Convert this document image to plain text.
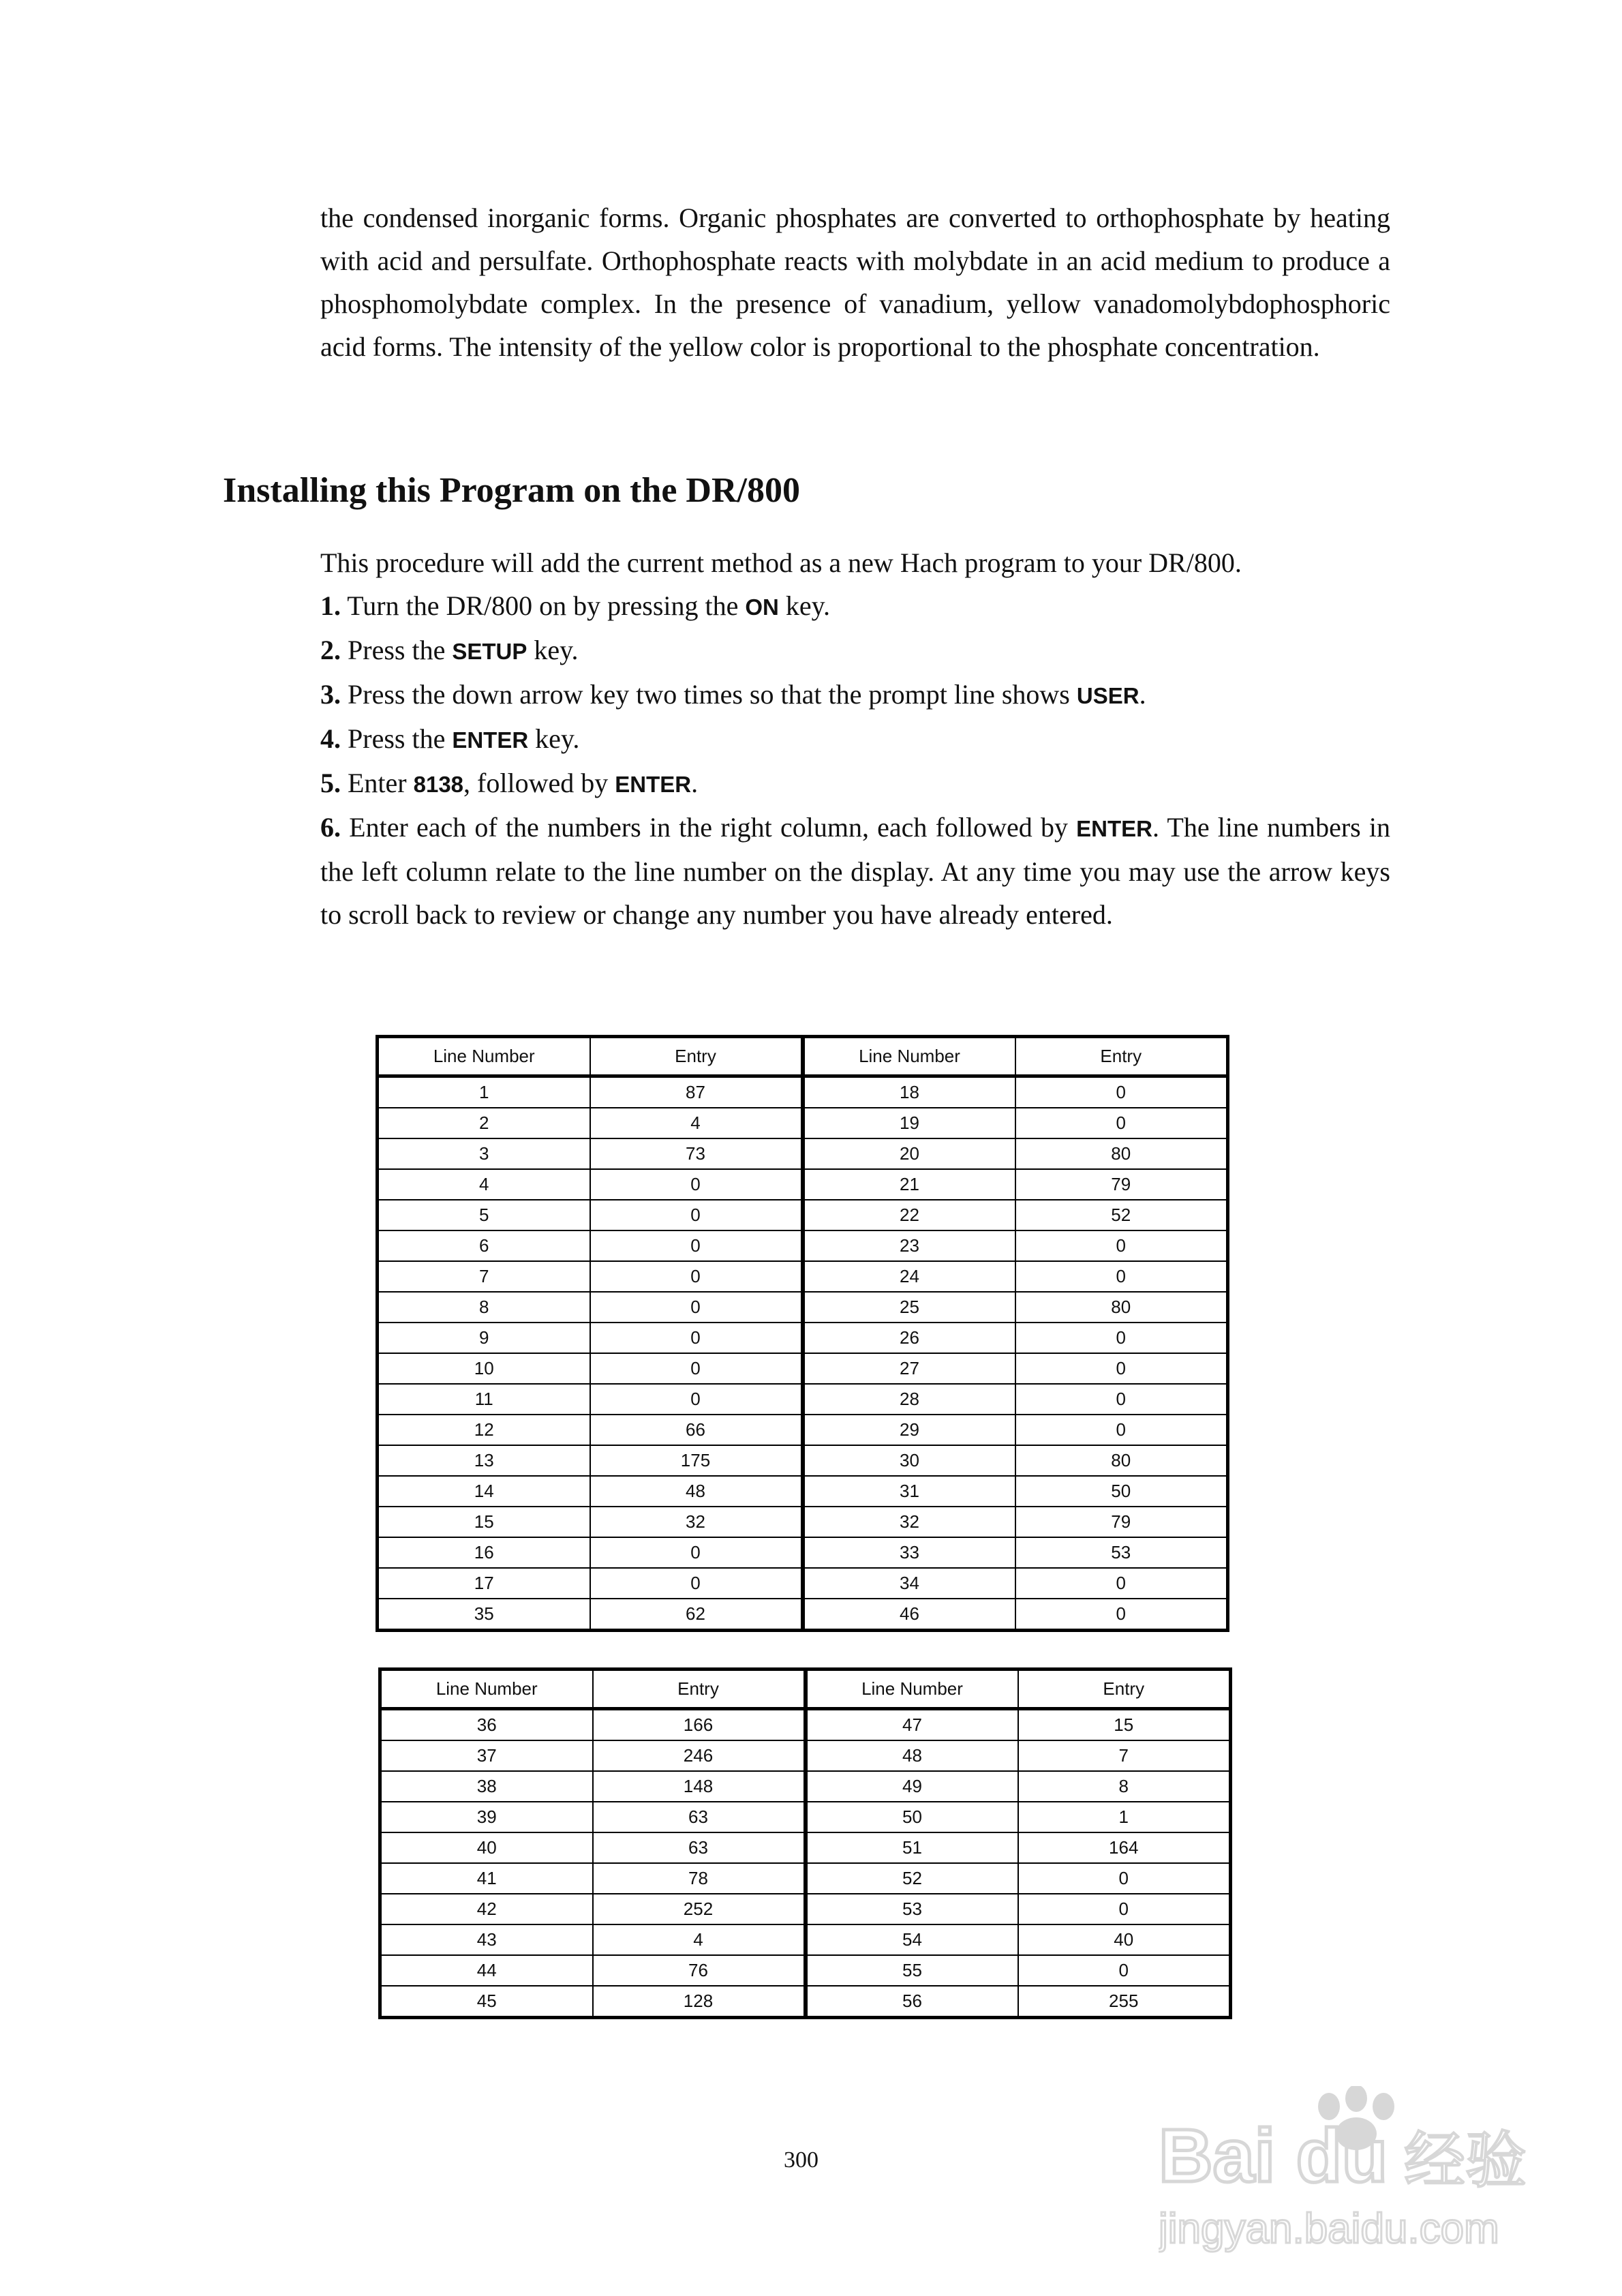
the condensed inorganic forms. Organic phosphates are converted to orthophosphate by heating with acid and persulfate. Orthophosphate reacts with molybdate in an acid medium to produce a phosphomolybdate complex. In the presence of vanadium, yellow vanadomolybdophosphoric acid forms. The intensity of the yellow color is proportional to the phosphate concentration.

Installing this Program on the DR/800

This procedure will add the current method as a new Hach program to your DR/800.

1. Turn the DR/800 on by pressing the ON key.

2. Press the SETUP key.

3. Press the down arrow key two times so that the prompt line shows USER.

4. Press the ENTER key.

5. Enter 8138, followed by ENTER.

6. Enter each of the numbers in the right column, each followed by ENTER. The line numbers in the left column relate to the line number on the display. At any time you may use the arrow keys to scroll back to review or change any number you have already entered.

Line Number	Entry	Line Number	Entry
1	87	18	0
2	4	19	0
3	73	20	80
4	0	21	79
5	0	22	52
6	0	23	0
7	0	24	0
8	0	25	80
9	0	26	0
10	0	27	0
11	0	28	0
12	66	29	0
13	175	30	80
14	48	31	50
15	32	32	79
16	0	33	53
17	0	34	0
35	62	46	0
Line Number	Entry	Line Number	Entry
36	166	47	15
37	246	48	7
38	148	49	8
39	63	50	1
40	63	51	164
41	78	52	0
42	252	53	0
43	4	54	40
44	76	55	0
45	128	56	255
300	Bai du 经验
jingyan.baidu.com
